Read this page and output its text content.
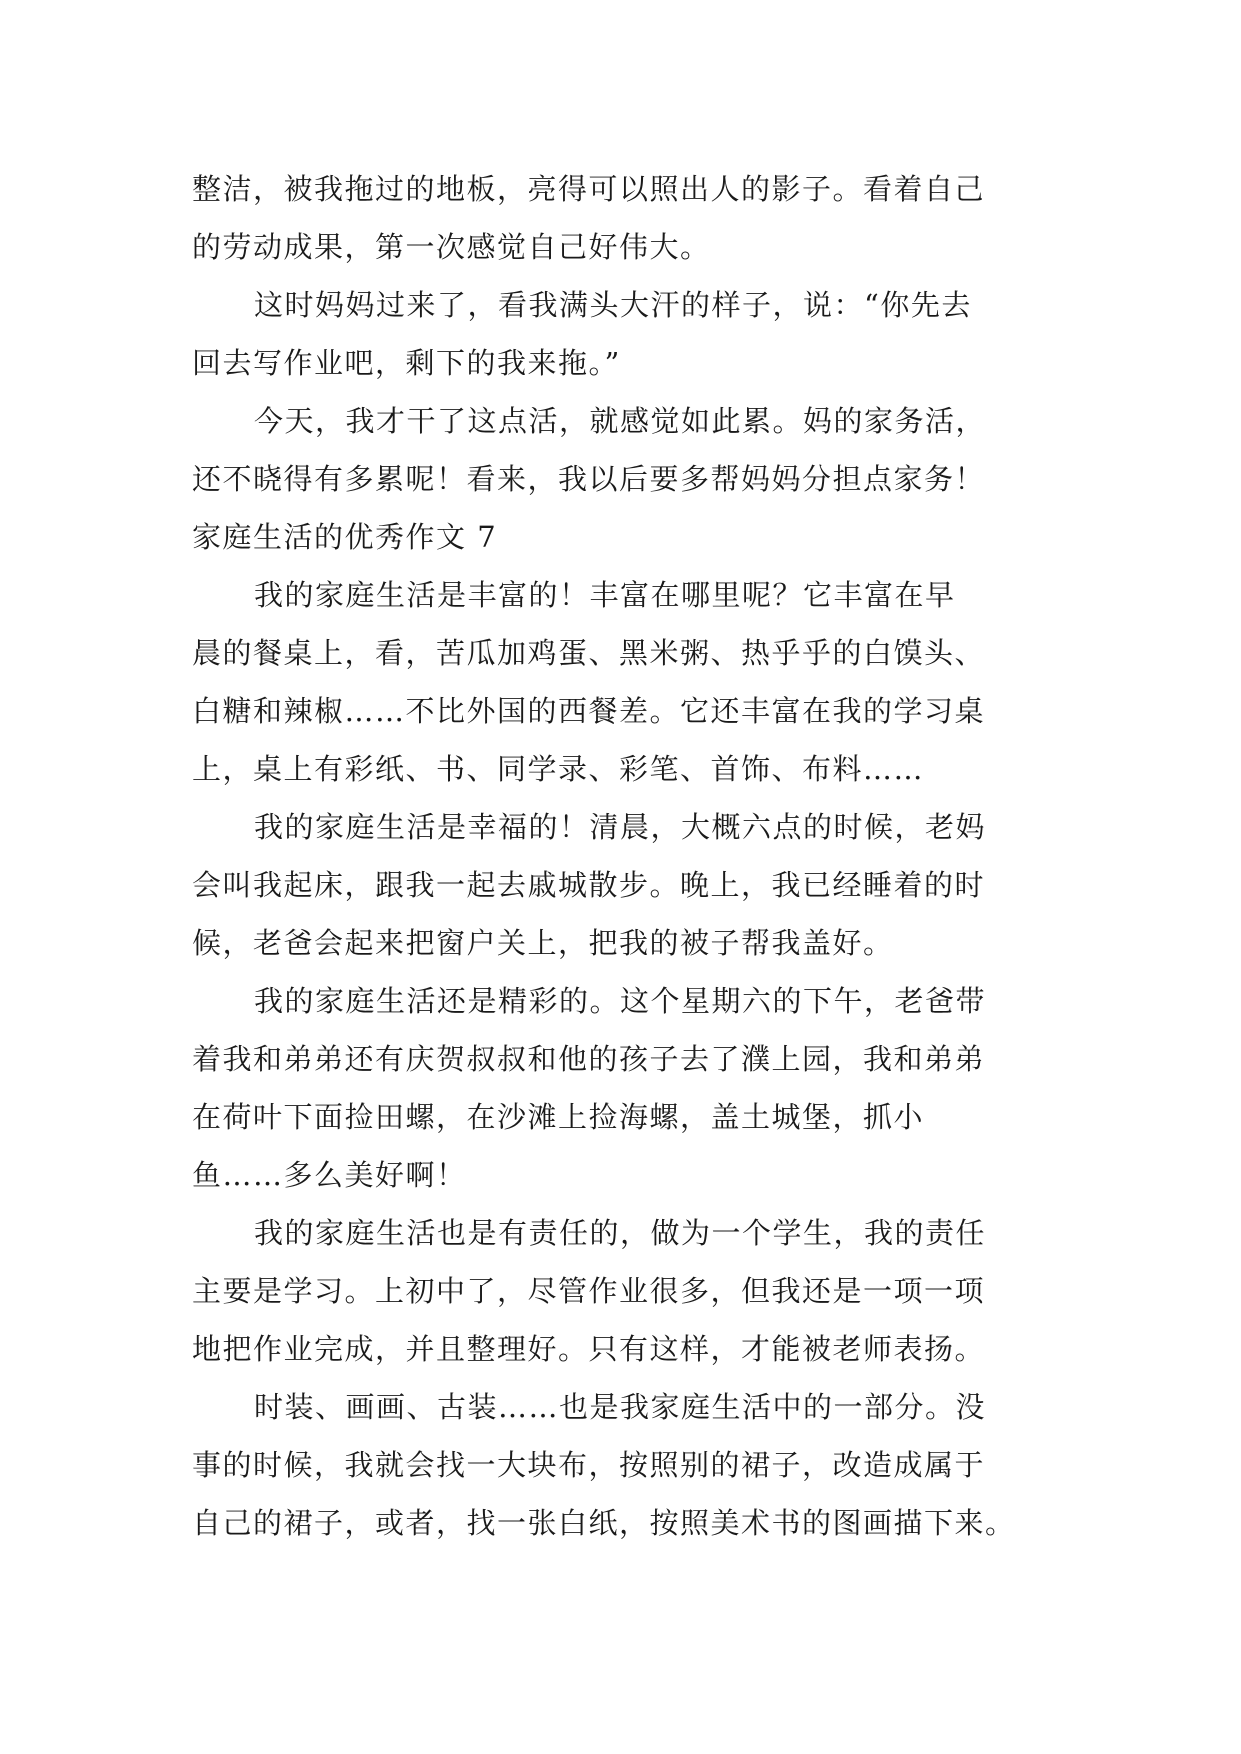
整洁，被我拖过的地板，亮得可以照出人的影子。看着自己
的劳动成果，第一次感觉自己好伟大。
这时妈妈过来了，看我满头大汗的样子，说：“你先去
回去写作业吧，剩下的我来拖。”
今天，我才干了这点活，就感觉如此累。妈的家务活，
还不晓得有多累呢！看来，我以后要多帮妈妈分担点家务！
家庭生活的优秀作文 7
我的家庭生活是丰富的！丰富在哪里呢？它丰富在早
晨的餐桌上，看，苦瓜加鸡蛋、黑米粥、热乎乎的白馍头、
白糖和辣椒……不比外国的西餐差。它还丰富在我的学习桌
上，桌上有彩纸、书、同学录、彩笔、首饰、布料……
我的家庭生活是幸福的！清晨，大概六点的时候，老妈
会叫我起床，跟我一起去戚城散步。晚上，我已经睡着的时
候，老爸会起来把窗户关上，把我的被子帮我盖好。
我的家庭生活还是精彩的。这个星期六的下午，老爸带
着我和弟弟还有庆贺叔叔和他的孩子去了濮上园，我和弟弟
在荷叶下面捡田螺，在沙滩上捡海螺，盖土城堡，抓小
鱼……多么美好啊！
我的家庭生活也是有责任的，做为一个学生，我的责任
主要是学习。上初中了，尽管作业很多，但我还是一项一项
地把作业完成，并且整理好。只有这样，才能被老师表扬。
时装、画画、古装……也是我家庭生活中的一部分。没
事的时候，我就会找一大块布，按照别的裙子，改造成属于
自己的裙子，或者，找一张白纸，按照美术书的图画描下来。
